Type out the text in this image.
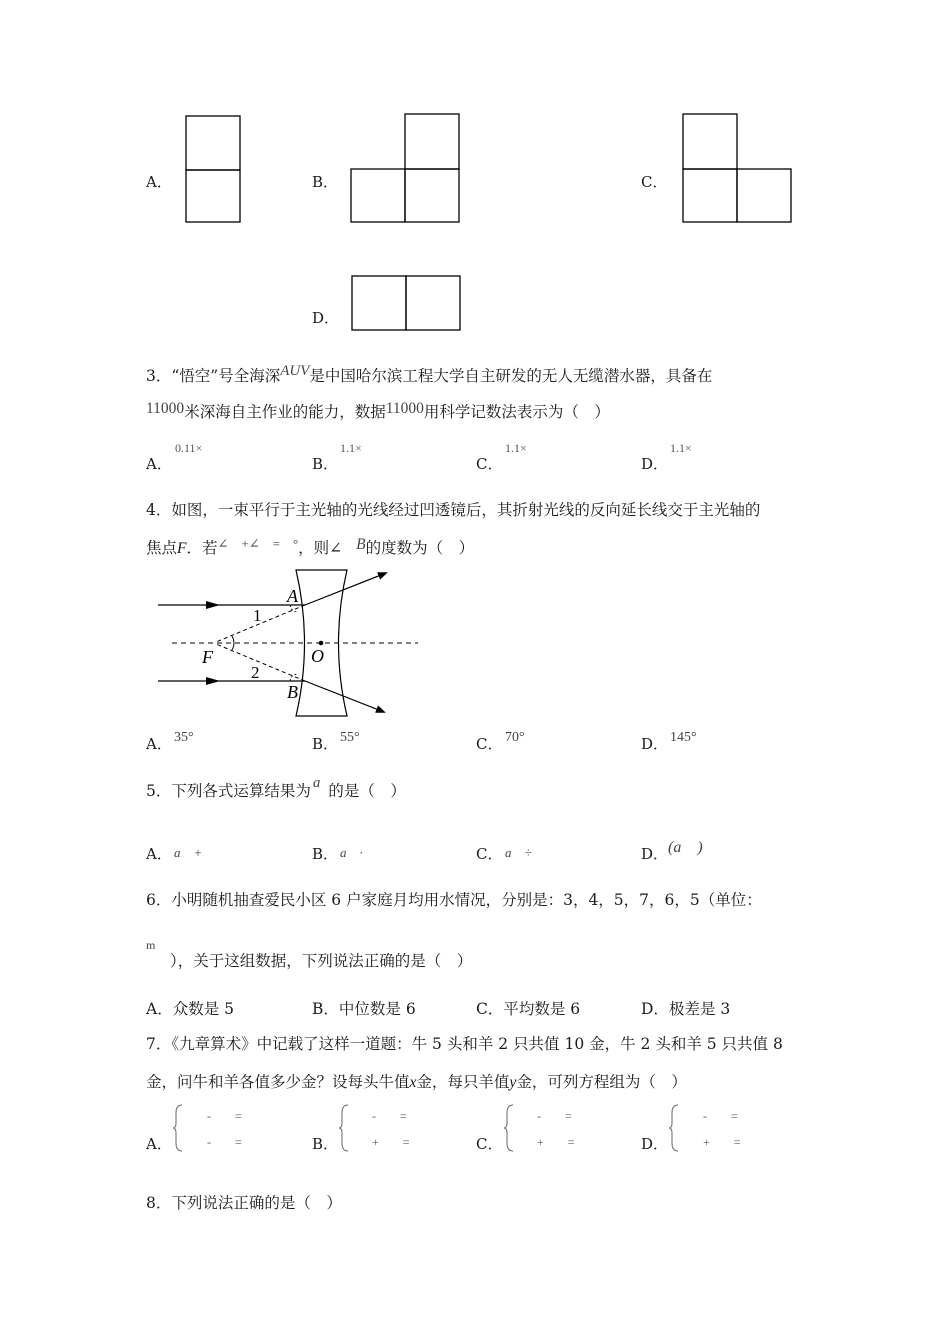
A．	B．	C．
D．
3．“悟空”号全海深AUV是中国哈尔滨工程大学自主研发的无人无缆潜水器，具备在
11000米深海自主作业的能力，数据11000用科学记数法表示为（　）
A．
0.11×
B．
1.1×
C．
1.1×
D．
1.1×
4．如图，一束平行于主光轴的光线经过凹透镜后，其折射光线的反向延长线交于主光轴的
焦点F．若∠　+∠　=　°，则∠ B的度数为（　）
A
1
F	O
2
B
A． 35°	B． 55°	C． 70°	D． 145°
5．下列各式运算结果为 a 的是（　）
A． a　+	B． a　·	C． a　÷	D． (a　)
6．小明随机抽查爱民小区 6 户家庭月均用水情况，分别是：3，4，5，7，6，5（单位：
m
），关于这组数据，下列说法正确的是（　）
A．众数是 5	B．中位数是 6	C．平均数是 6	D．极差是 3
7．《九章算术》中记载了这样一道题：牛 5 头和羊 2 只共值 10 金，牛 2 头和羊 5 只共值 8
金，问牛和羊各值多少金？设每头牛值x金，每只羊值y金，可列方程组为（　）
A．
-　　=
-　　=	B．
-　　=
+　　=	C．
-　　=
+　　=	D．
-　　=
+　　=
8．下列说法正确的是（　）
